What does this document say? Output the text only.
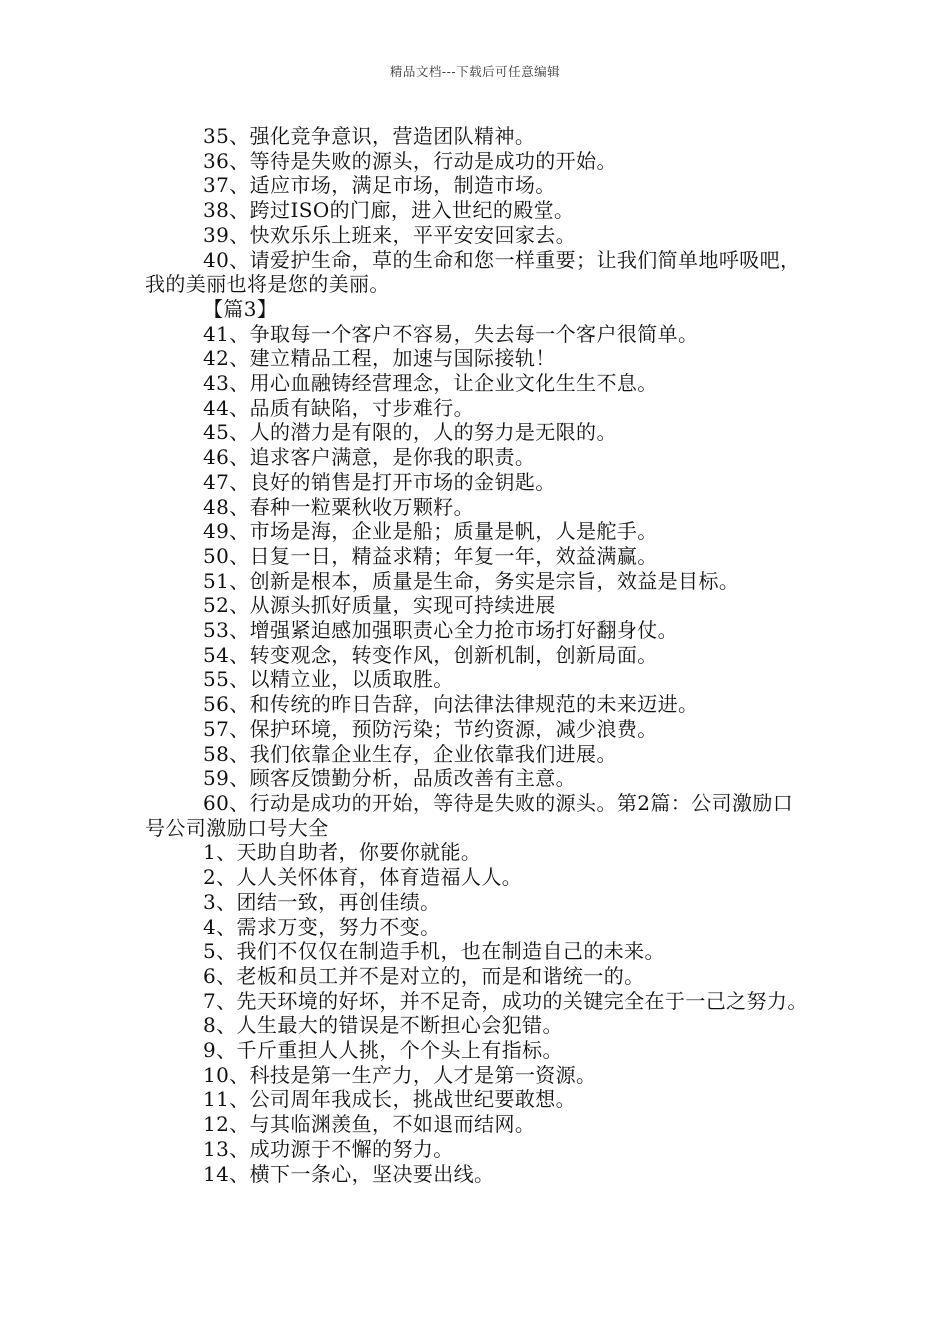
精品文档---下载后可任意编辑

35、强化竞争意识，营造团队精神。

36、等待是失败的源头，行动是成功的开始。

37、适应市场，满足市场，制造市场。

38、跨过ISO的门廊，进入世纪的殿堂。

39、快欢乐乐上班来，平平安安回家去。

40、请爱护生命，草的生命和您一样重要；让我们简单地呼吸吧，我的美丽也将是您的美丽。

【篇3】

41、争取每一个客户不容易，失去每一个客户很简单。

42、建立精品工程，加速与国际接轨！

43、用心血融铸经营理念，让企业文化生生不息。

44、品质有缺陷，寸步难行。

45、人的潜力是有限的，人的努力是无限的。

46、追求客户满意，是你我的职责。

47、良好的销售是打开市场的金钥匙。

48、春种一粒粟秋收万颗籽。

49、市场是海，企业是船；质量是帆，人是舵手。

50、日复一日，精益求精；年复一年，效益满赢。

51、创新是根本，质量是生命，务实是宗旨，效益是目标。

52、从源头抓好质量，实现可持续进展

53、增强紧迫感加强职责心全力抢市场打好翻身仗。

54、转变观念，转变作风，创新机制，创新局面。

55、以精立业，以质取胜。

56、和传统的昨日告辞，向法律法律规范的未来迈进。

57、保护环境，预防污染；节约资源，减少浪费。

58、我们依靠企业生存，企业依靠我们进展。

59、顾客反馈勤分析，品质改善有主意。

60、行动是成功的开始，等待是失败的源头。第2篇：公司激励口号公司激励口号大全

1、天助自助者，你要你就能。

2、人人关怀体育，体育造福人人。

3、团结一致，再创佳绩。

4、需求万变，努力不变。

5、我们不仅仅在制造手机，也在制造自己的未来。

6、老板和员工并不是对立的，而是和谐统一的。

7、先天环境的好坏，并不足奇，成功的关键完全在于一己之努力。

8、人生最大的错误是不断担心会犯错。

9、千斤重担人人挑，个个头上有指标。

10、科技是第一生产力，人才是第一资源。

11、公司周年我成长，挑战世纪要敢想。

12、与其临渊羡鱼，不如退而结网。

13、成功源于不懈的努力。

14、横下一条心，坚决要出线。
